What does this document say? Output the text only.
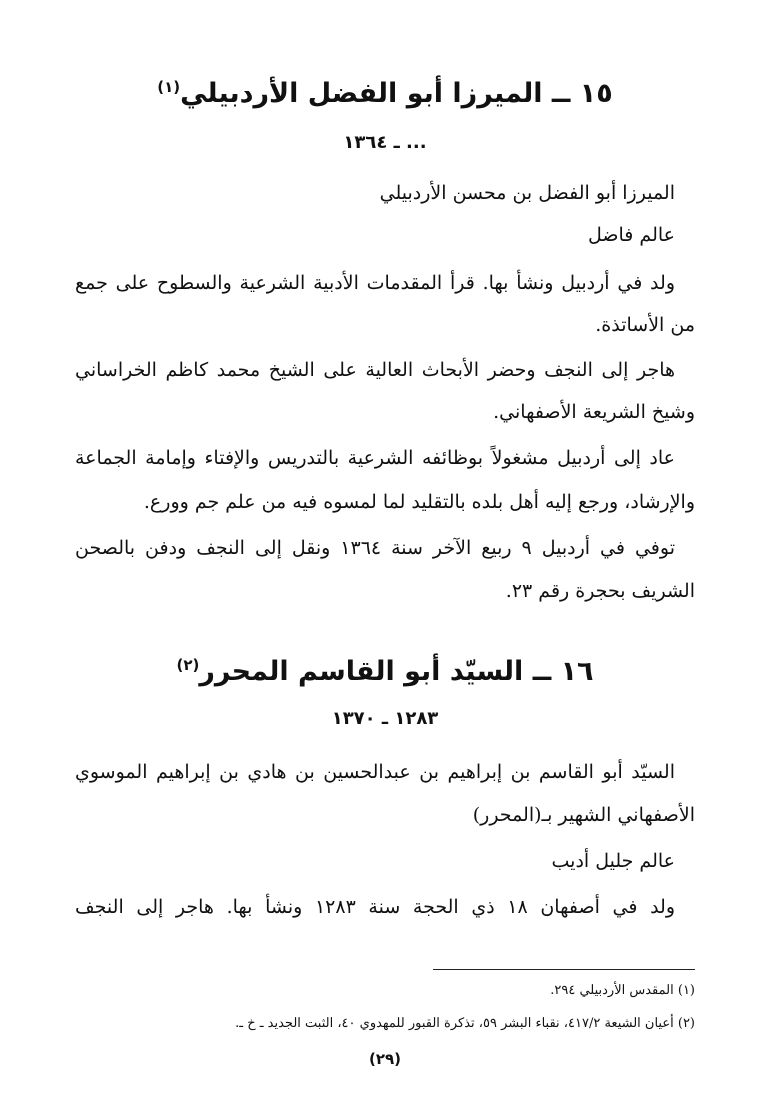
١٥ ــ الميرزا أبو الفضل الأردبيلي$^{(١)}$
... ـ ١٣٦٤
الميرزا أبو الفضل بن محسن الأردبيلي
عالم فاضل
ولد في أردبيل ونشأ بها. قرأ المقدمات الأدبية الشرعية والسطوح على جمع
من الأساتذة.
هاجر إلى النجف وحضر الأبحاث العالية على الشيخ محمد كاظم الخراساني
وشيخ الشريعة الأصفهاني.
عاد إلى أردبيل مشغولاً بوظائفه الشرعية بالتدريس والإفتاء وإمامة الجماعة
والإرشاد، ورجع إليه أهل بلده بالتقليد لما لمسوه فيه من علم جم وورع.
توفي في أردبيل ٩ ربيع الآخر سنة ١٣٦٤ ونقل إلى النجف ودفن بالصحن
الشريف بحجرة رقم ٢٣.
١٦ ــ السيّد أبو القاسم المحرر$^{(٢)}$
١٢٨٣ ـ ١٣٧٠
السيّد أبو القاسم بن إبراهيم بن عبدالحسين بن هادي بن إبراهيم الموسوي
الأصفهاني الشهير بـ(المحرر)
عالم جليل أديب
ولد في أصفهان ١٨ ذي الحجة سنة ١٢٨٣ ونشأ بها. هاجر إلى النجف
(١) المقدس الأردبيلي ٢٩٤.
(٢) أعيان الشيعة ٤١٧/٢، نقباء البشر ٥٩، تذكرة القبور للمهدوي ٤٠، الثبت الجديد ـ خ ـ.
(٢٩)
